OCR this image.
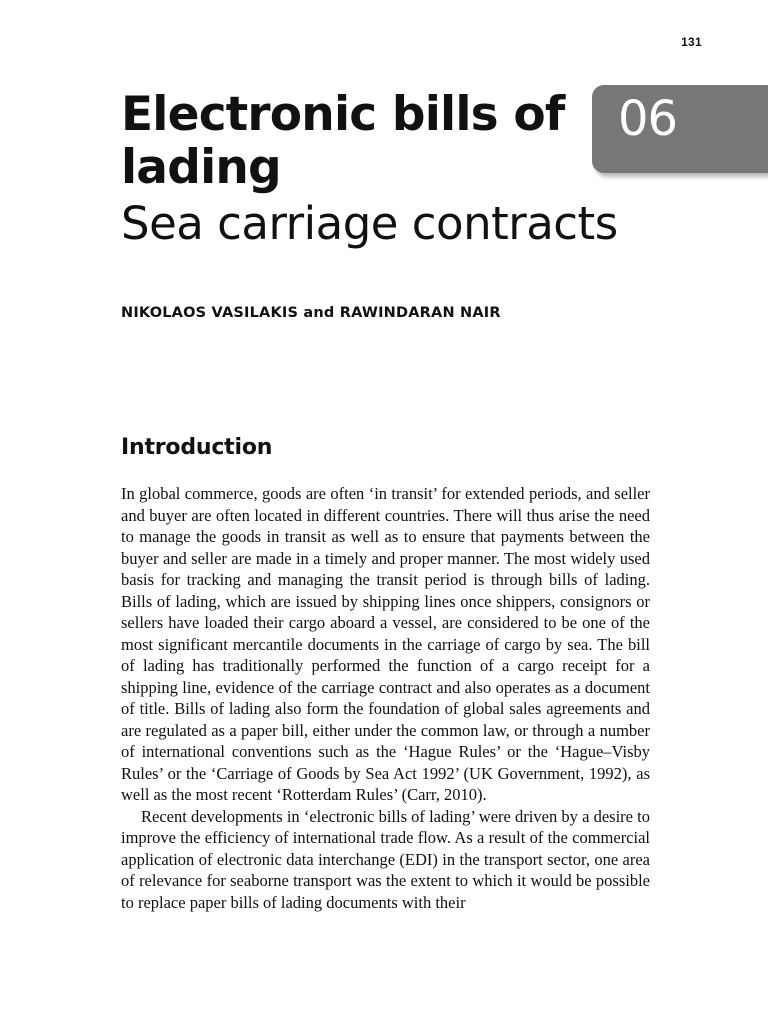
131
06
Electronic bills of lading
Sea carriage contracts
NIKOLAOS VASILAKIS and RAWINDARAN NAIR
Introduction

In global commerce, goods are often ‘in transit’ for extended periods, and seller and buyer are often located in different countries. There will thus arise the need to manage the goods in transit as well as to ensure that payments between the buyer and seller are made in a timely and proper manner. The most widely used basis for tracking and managing the transit period is through bills of lading. Bills of lading, which are issued by shipping lines once shippers, consignors or sellers have loaded their cargo aboard a vessel, are considered to be one of the most significant mercantile documents in the carriage of cargo by sea. The bill of lading has traditionally performed the function of a cargo receipt for a shipping line, evidence of the carriage contract and also operates as a document of title. Bills of lading also form the foundation of global sales agreements and are regulated as a paper bill, either under the common law, or through a number of international conventions such as the ‘Hague Rules’ or the ‘Hague–Visby Rules’ or the ‘Carriage of Goods by Sea Act 1992’ (UK Government, 1992), as well as the most recent ‘Rotterdam Rules’ (Carr, 2010).

Recent developments in ‘electronic bills of lading’ were driven by a desire to improve the efficiency of international trade flow. As a result of the commercial application of electronic data interchange (EDI) in the transport sector, one area of relevance for seaborne transport was the extent to which it would be possible to replace paper bills of lading documents with their
